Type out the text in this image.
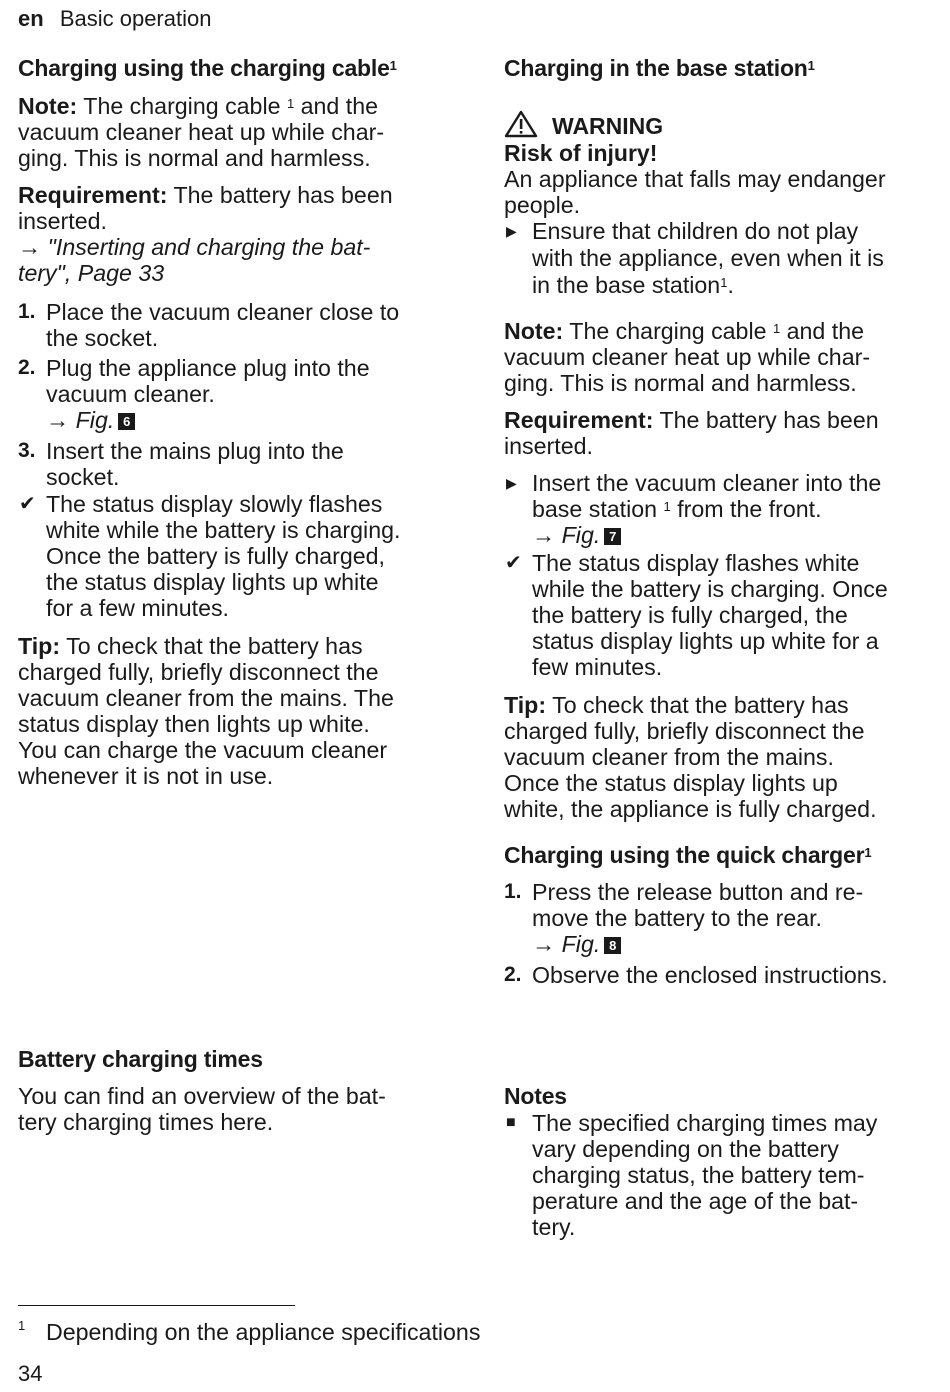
en Basic operation
Charging using the charging cable$^1$
Note: The charging cable $^1$ and the
vacuum cleaner heat up while char-
ging. This is normal and harmless.
Requirement: The battery has been
inserted.
→ "Inserting and charging the bat-
tery", Page 33
1. Place the vacuum cleaner close to
the socket.
2. Plug the appliance plug into the
vacuum cleaner.
→ Fig. 6
3. Insert the mains plug into the
socket.
✔ The status display slowly flashes
white while the battery is charging.
Once the battery is fully charged,
the status display lights up white
for a few minutes.
Tip: To check that the battery has
charged fully, briefly disconnect the
vacuum cleaner from the mains. The
status display then lights up white.
You can charge the vacuum cleaner
whenever it is not in use.
Battery charging times
You can find an overview of the bat-
tery charging times here.
Charging in the base station$^1$
WARNING
Risk of injury!
An appliance that falls may endanger
people.
▶ Ensure that children do not play
with the appliance, even when it is
in the base station$^1$.
Note: The charging cable $^1$ and the
vacuum cleaner heat up while char-
ging. This is normal and harmless.
Requirement: The battery has been
inserted.
▶ Insert the vacuum cleaner into the
base station $^1$ from the front.
→ Fig. 7
✔ The status display flashes white
while the battery is charging. Once
the battery is fully charged, the
status display lights up white for a
few minutes.
Tip: To check that the battery has
charged fully, briefly disconnect the
vacuum cleaner from the mains.
Once the status display lights up
white, the appliance is fully charged.
Charging using the quick charger$^1$
1. Press the release button and re-
move the battery to the rear.
→ Fig. 8
2. Observe the enclosed instructions.
Notes
■ The specified charging times may
vary depending on the battery
charging status, the battery tem-
perature and the age of the bat-
tery.
1 Depending on the appliance specifications
34
